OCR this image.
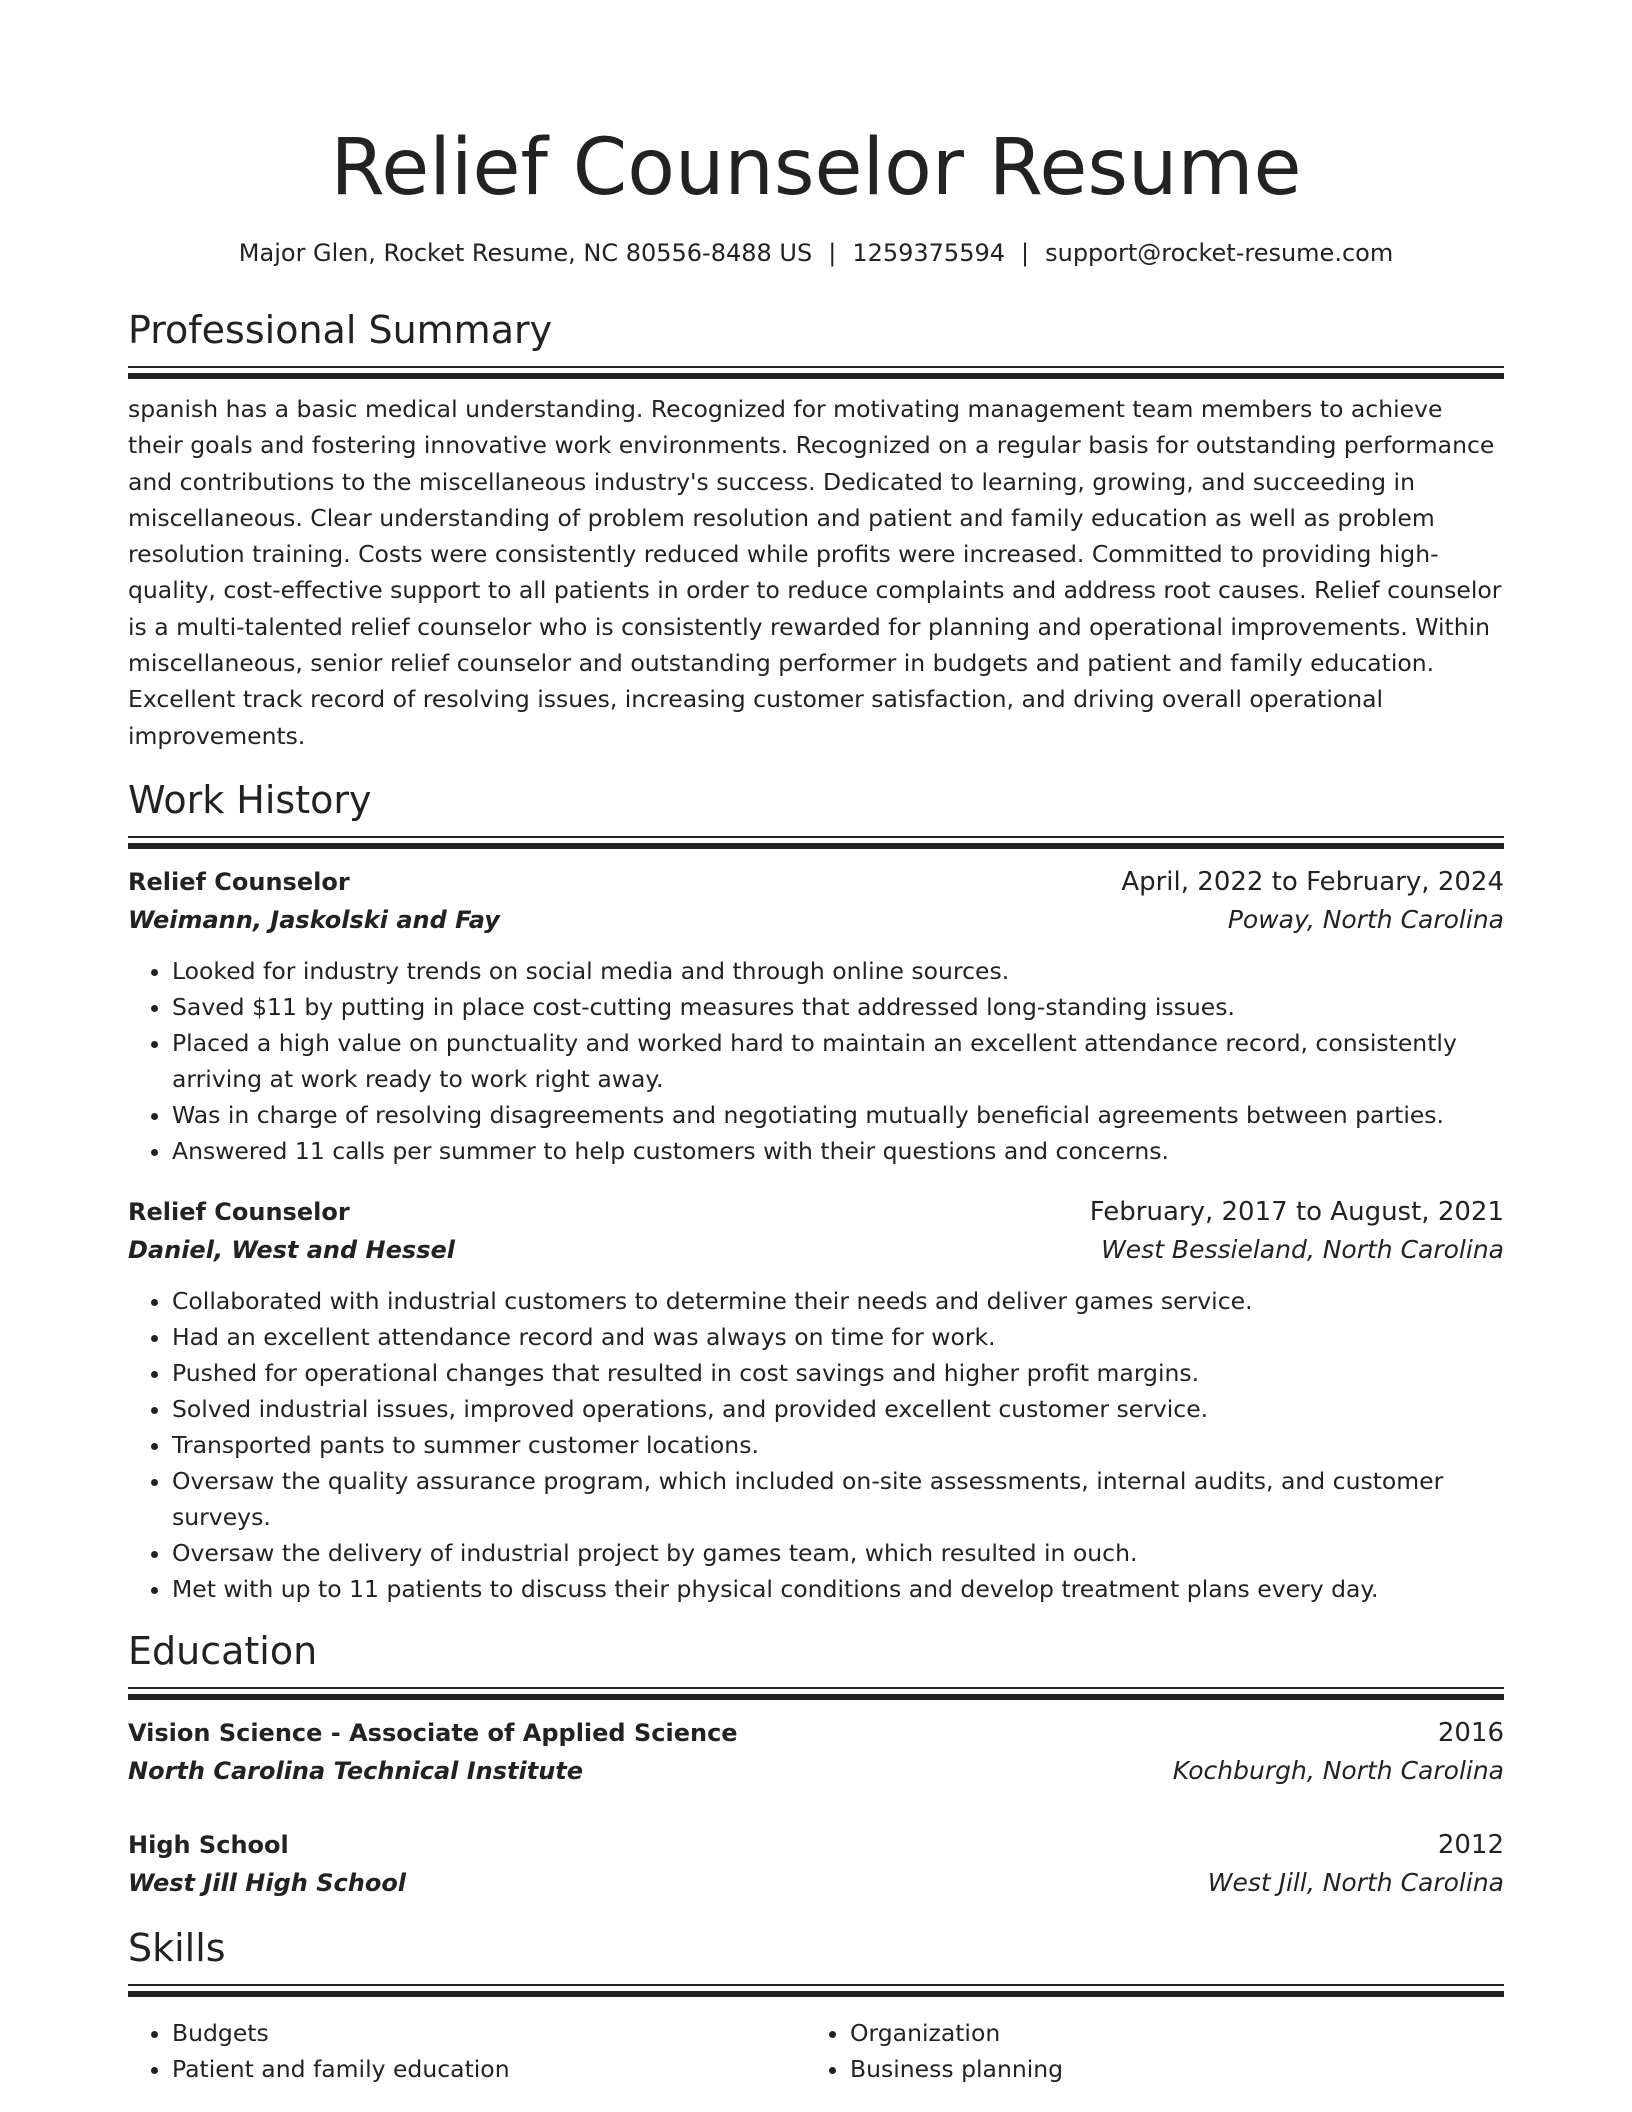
Relief Counselor Resume
Major Glen, Rocket Resume, NC 80556-8488 US | 1259375594 | support@rocket-resume.com
Professional Summary
spanish has a basic medical understanding. Recognized for motivating management team members to achieve their goals and fostering innovative work environments. Recognized on a regular basis for outstanding performance and contributions to the miscellaneous industry's success. Dedicated to learning, growing, and succeeding in miscellaneous. Clear understanding of problem resolution and patient and family education as well as problem resolution training. Costs were consistently reduced while profits were increased. Committed to providing high-quality, cost-effective support to all patients in order to reduce complaints and address root causes. Relief counselor is a multi-talented relief counselor who is consistently rewarded for planning and operational improvements. Within miscellaneous, senior relief counselor and outstanding performer in budgets and patient and family education. Excellent track record of resolving issues, increasing customer satisfaction, and driving overall operational improvements.
Work History
Relief Counselor	April, 2022 to February, 2024
Weimann, Jaskolski and Fay	Poway, North Carolina
• Looked for industry trends on social media and through online sources.
• Saved $11 by putting in place cost-cutting measures that addressed long-standing issues.
• Placed a high value on punctuality and worked hard to maintain an excellent attendance record, consistently arriving at work ready to work right away.
• Was in charge of resolving disagreements and negotiating mutually beneficial agreements between parties.
• Answered 11 calls per summer to help customers with their questions and concerns.
Relief Counselor	February, 2017 to August, 2021
Daniel, West and Hessel	West Bessieland, North Carolina
• Collaborated with industrial customers to determine their needs and deliver games service.
• Had an excellent attendance record and was always on time for work.
• Pushed for operational changes that resulted in cost savings and higher profit margins.
• Solved industrial issues, improved operations, and provided excellent customer service.
• Transported pants to summer customer locations.
• Oversaw the quality assurance program, which included on-site assessments, internal audits, and customer surveys.
• Oversaw the delivery of industrial project by games team, which resulted in ouch.
• Met with up to 11 patients to discuss their physical conditions and develop treatment plans every day.
Education
Vision Science - Associate of Applied Science	2016
North Carolina Technical Institute	Kochburgh, North Carolina
High School	2012
West Jill High School	West Jill, North Carolina
Skills
• Budgets
• Patient and family education
• Organization
• Business planning
